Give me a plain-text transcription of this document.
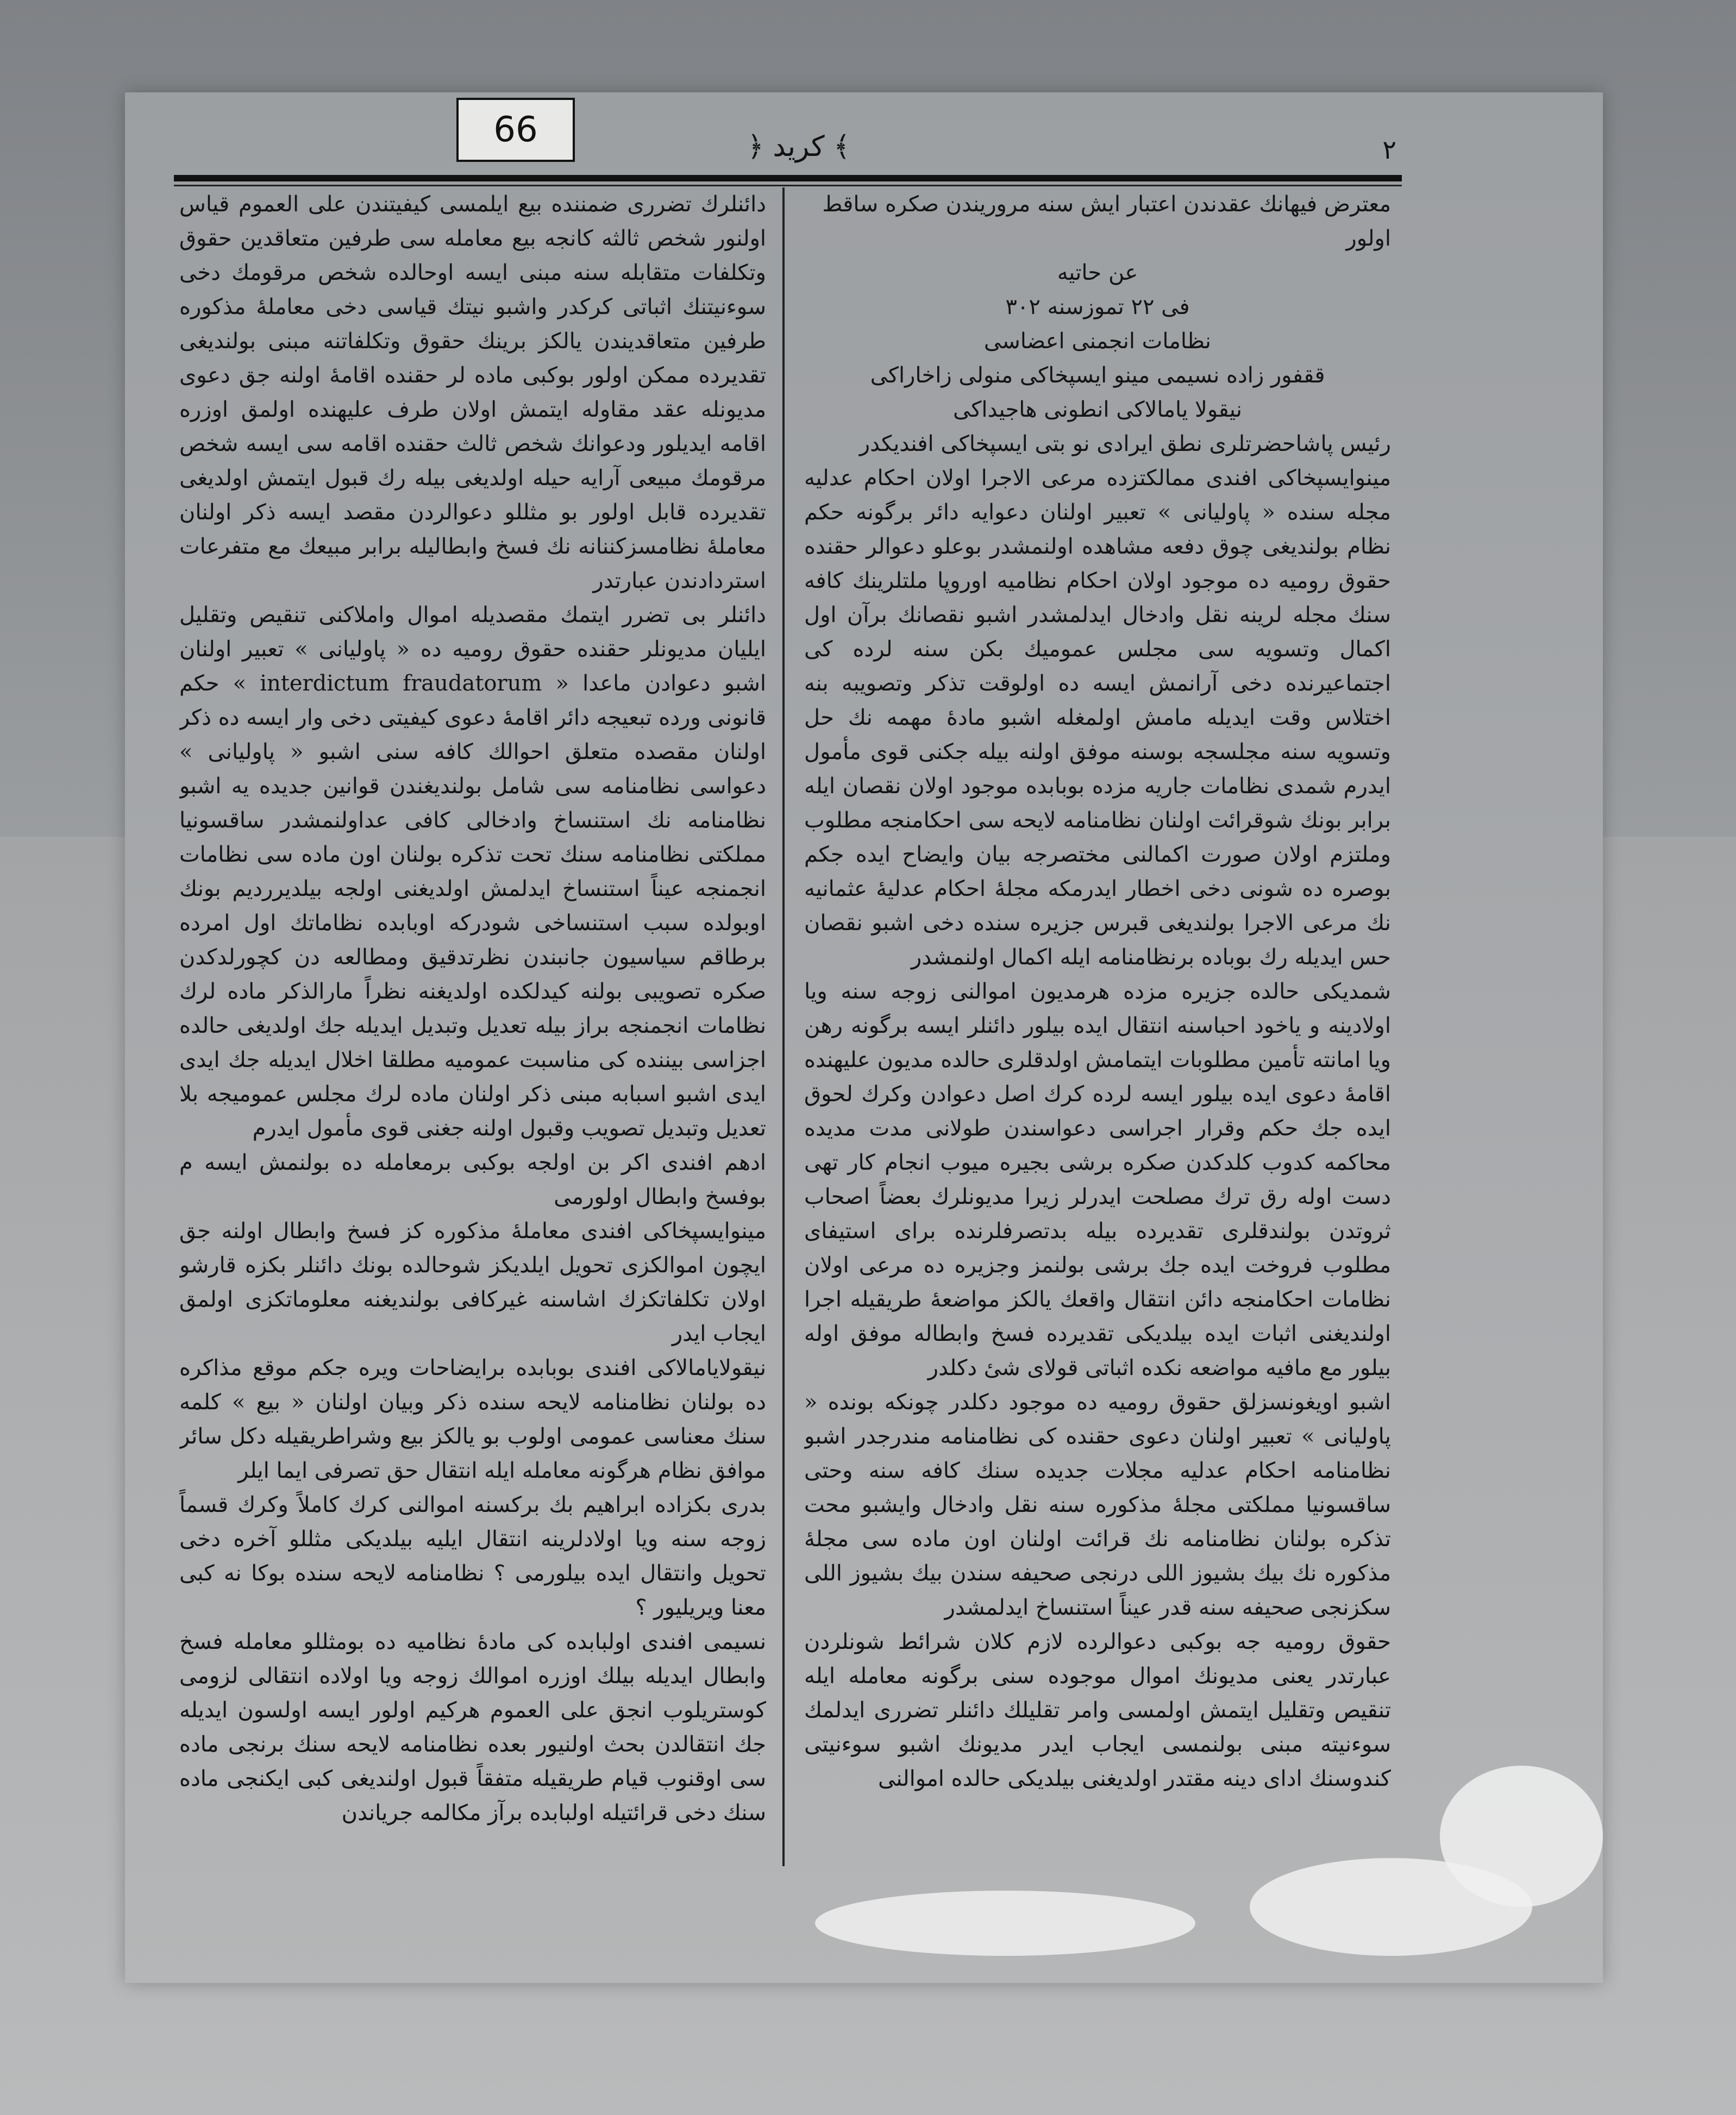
66	﴾ کرید ﴿	٢

معترض فیهانك عقدندن اعتبار ایش سنه مروریندن صکره ساقط اولور

عن حاتیه

فی ٢٢ تموزسنه ٣٠٢

نظامات انجمنی اعضاسی

ققفور زاده نسیمی مینو ایسپخاکی منولی زاخاراکی

نیقولا یامالاکی انطونی هاجیداکی

رئیس پاشاحضرتلری نطق ایرادی نو بتی ایسپخاکی افندیکدر

مینوایسپخاکی افندی ممالکتزده مرعی الاجرا اولان احکام عدلیه مجله سنده « پاولیانی » تعبیر اولنان دعوایه دائر برگونه حکم نظام بولندیغی چوق دفعه مشاهده اولنمشدر بوعلو دعوالر حقنده حقوق رومیه ده موجود اولان احکام نظامیه اوروپا ملتلرینك کافه سنك مجله لرینه نقل وادخال ایدلمشدر اشبو نقصانك برآن اول اکمال وتسویه سی مجلس عمومیك بکن سنه لرده کی اجتماعیرنده دخی آرانمش ایسه ده اولوقت تذکر وتصویبه بنه اختلاس وقت ایدیله مامش اولمغله اشبو مادهٔ مهمه نك حل وتسویه سنه مجلسجه بوسنه موفق اولنه بیله جکنی قوی مأمول ایدرم شمدی نظامات جاریه مزده بوبابده موجود اولان نقصان ایله برابر بونك شوقرائت اولنان نظامنامه لایحه سی احکامنجه مطلوب وملتزم اولان صورت اکمالنی مختصرجه بیان وایضاح ایده جکم بوصره ده شونی دخی اخطار ایدرمکه مجلهٔ احکام عدلیهٔ عثمانیه نك مرعی الاجرا بولندیغی قبرس جزیره سنده دخی اشبو نقصان حس ایدیله رك بوباده برنظامنامه ایله اکمال اولنمشدر

شمدیکی حالده جزیره مزده هرمدیون اموالنی زوجه سنه ویا اولادینه و یاخود احباسنه انتقال ایده بیلور دائنلر ایسه برگونه رهن ویا امانته تأمین مطلوبات ایتمامش اولدقلری حالده مدیون علیهنده اقامهٔ دعوی ایده بیلور ایسه لرده کرك اصل دعوادن وکرك لحوق ایده جك حکم وقرار اجراسی دعواسندن طولانی مدت مدیده محاکمه کدوب کلدکدن صکره برشی بجیره میوب انجام کار تهی دست اوله رق ترك مصلحت ایدرلر زیرا مدیونلرك بعضاً اصحاب ثروتدن بولندقلری تقدیرده بیله بدتصرفلرنده برای استیفای مطلوب فروخت ایده جك برشی بولنمز وجزیره ده مرعی اولان نظامات احکامنجه دائن انتقال واقعك یالکز مواضعهٔ طریقیله اجرا اولندیغنی اثبات ایده بیلدیکی تقدیرده فسخ وابطاله موفق اوله بیلور مع مافیه مواضعه نکده اثباتی قولای شیٔ دکلدر

اشبو اویغونسزلق حقوق رومیه ده موجود دکلدر چونکه بونده « پاولیانی » تعبیر اولنان دعوی حقنده کی نظامنامه مندرجدر اشبو نظامنامه احکام عدلیه مجلات جدیده سنك کافه سنه وحتی ساقسونیا مملکتی مجلهٔ مذکوره سنه نقل وادخال وایشبو محت تذکره بولنان نظامنامه نك قرائت اولنان اون ماده سی مجلهٔ مذکوره نك بیك بشیوز اللی درنجی صحیفه سندن بیك بشیوز اللی سکزنجی صحیفه سنه قدر عیناً استنساخ ایدلمشدر

حقوق رومیه جه بوکبی دعوالرده لازم کلان شرائط شونلردن عبارتدر یعنی مدیونك اموال موجوده سنی برگونه معامله ایله تنقیص وتقلیل ایتمش اولمسی وامر تقلیلك دائنلر تضرری ایدلمك سوءنیته مبنی بولنمسی ایجاب ایدر مدیونك اشبو سوءنیتی کندوسنك ادای دینه مقتدر اولدیغنی بیلدیکی حالده اموالنی

دائنلرك تضرری ضمننده بیع ایلمسی کیفیتندن علی العموم قیاس اولنور شخص ثالثه کانجه بیع معامله سی طرفین متعاقدین حقوق وتکلفات متقابله سنه مبنی ایسه اوحالده شخص مرقومك دخی سوءنیتنك اثباتی کرکدر واشبو نیتك قیاسی دخی معاملهٔ مذکوره طرفین متعاقدیندن یالکز برینك حقوق وتکلفاتنه مبنی بولندیغی تقدیرده ممکن اولور بوکبی ماده لر حقنده اقامهٔ اولنه جق دعوی مدیونله عقد مقاوله ایتمش اولان طرف علیهنده اولمق اوزره اقامه ایدیلور ودعوانك شخص ثالث حقنده اقامه سی ایسه شخص مرقومك مبیعی آرایه حیله اولدیغی بیله رك قبول ایتمش اولدیغی تقدیرده قابل اولور بو مثللو دعوالردن مقصد ایسه ذکر اولنان معاملهٔ نظامسزکننانه نك فسخ وابطالیله برابر مبیعك مع متفرعات استردادندن عبارتدر

دائنلر بی تضرر ایتمك مقصدیله اموال واملاکنی تنقیص وتقلیل ایلیان مدیونلر حقنده حقوق رومیه ده « پاولیانی » تعبیر اولنان اشبو دعوادن ماعدا « interdictum fraudatorum » حکم قانونی ورده تبعیجه دائر اقامهٔ دعوی کیفیتی دخی وار ایسه ده ذکر اولنان مقصده متعلق احوالك کافه سنی اشبو « پاولیانی » دعواسی نظامنامه سی شامل بولندیغندن قوانین جدیده یه اشبو نظامنامه نك استنساخ وادخالی کافی عداولنمشدر ساقسونیا مملکتی نظامنامه سنك تحت تذکره بولنان اون ماده سی نظامات انجمنجه عیناً استنساخ ایدلمش اولدیغنی اولجه بیلدیرردیم بونك اوبولده سبب استنساخی شودرکه اوبابده نظاماتك اول امرده برطاقم سیاسیون جانبندن نظرتدقیق ومطالعه دن کچورلدکدن صکره تصویبی بولنه کیدلکده اولدیغنه نظراً مارالذکر ماده لرك نظامات انجمنجه براز بیله تعدیل وتبدیل ایدیله جك اولدیغی حالده اجزاسی بیننده کی مناسبت عمومیه مطلقا اخلال ایدیله جك ایدی ایدی اشبو اسبابه مبنی ذکر اولنان ماده لرك مجلس عمومیجه بلا تعدیل وتبدیل تصویب وقبول اولنه جغنی قوی مأمول ایدرم

ادهم افندی اکر بن اولجه بوکبی برمعامله ده بولنمش ایسه م بوفسخ وابطال اولورمی

مینوایسپخاکی افندی معاملهٔ مذکوره کز فسخ وابطال اولنه جق ایچون اموالکزی تحویل ایلدیکز شوحالده بونك دائنلر بکزه قارشو اولان تکلفاتکزك اشاسنه غیرکافی بولندیغنه معلوماتکزی اولمق ایجاب ایدر

نیقولایامالاکی افندی بوبابده برایضاحات ویره جکم موقع مذاکره ده بولنان نظامنامه لایحه سنده ذکر وبیان اولنان « بیع » کلمه سنك معناسی عمومی اولوب بو یالکز بیع وشراطریقیله دکل سائر موافق نظام هرگونه معامله ایله انتقال حق تصرفی ایما ایلر

بدری بکزاده ابراهیم بك برکسنه اموالنی کرك کاملاً وکرك قسماً زوجه سنه ویا اولادلرینه انتقال ایلیه بیلدیکی مثللو آخره دخی تحویل وانتقال ایده بیلورمی ؟ نظامنامه لایحه سنده بوکا نه کبی معنا ویریلیور ؟

نسیمی افندی اولبابده کی مادهٔ نظامیه ده بومثللو معامله فسخ وابطال ایدیله بیلك اوزره اموالك زوجه ویا اولاده انتقالی لزومی کوستریلوب انجق علی العموم هرکیم اولور ایسه اولسون ایدیله جك انتقالدن بحث اولنیور بعده نظامنامه لایحه سنك برنجی ماده سی اوقنوب قیام طریقیله متفقاً قبول اولندیغی کبی ایکنجی ماده سنك دخی قرائتیله اولبابده برآز مکالمه جریاندن
